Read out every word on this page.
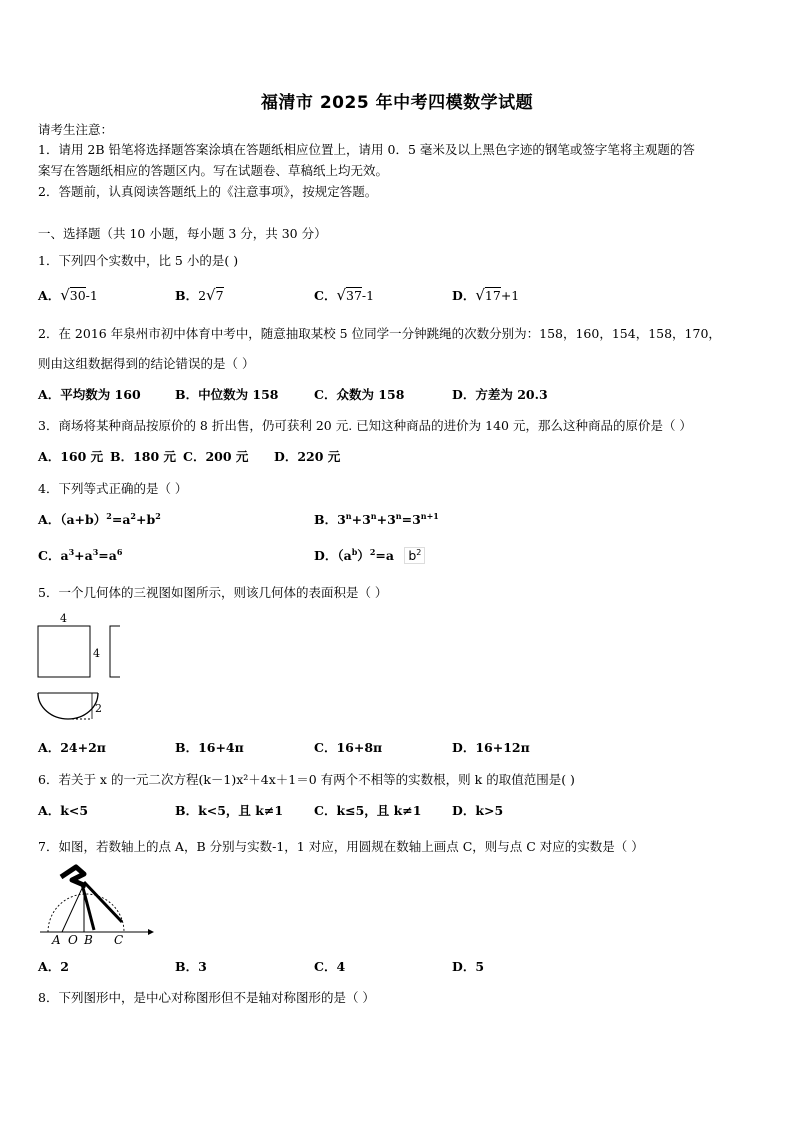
福清市 2025 年中考四模数学试题
请考生注意：
1．请用 2B 铅笔将选择题答案涂填在答题纸相应位置上，请用 0．5 毫米及以上黑色字迹的钢笔或签字笔将主观题的答
案写在答题纸相应的答题区内。写在试题卷、草稿纸上均无效。
2．答题前，认真阅读答题纸上的《注意事项》，按规定答题。
一、选择题（共 10 小题，每小题 3 分，共 30 分）
1．下列四个实数中，比 5 小的是( )
A．√30-1	B．2√7	C．√37-1	D．√17+1
2．在 2016 年泉州市初中体育中考中，随意抽取某校 5 位同学一分钟跳绳的次数分别为：158，160，154，158，170，
则由这组数据得到的结论错误的是（ ）
A．平均数为 160	B．中位数为 158	C．众数为 158	D．方差为 20.3
3．商场将某种商品按原价的 8 折出售，仍可获利 20 元. 已知这种商品的进价为 140 元，那么这种商品的原价是（ ）
A．160 元 B．180 元 C．200 元 D．220 元
4．下列等式正确的是（ ）
A．$(a+b)^2=a^2+b^2$	B．$3^n+3^n+3^n=3^{n+1}$
C．$a^3+a^3=a^6$	D．$(a^b)^2=a$ $b^2$
5．一个几何体的三视图如图所示，则该几何体的表面积是（ ）
4
4
2
A．24+2π	B．16+4π	C．16+8π	D．16+12π
6．若关于 x 的一元二次方程(k－1)x²＋4x＋1＝0 有两个不相等的实数根，则 k 的取值范围是( )
A．k<5	B．k<5，且 k≠1 C．k≤5，且 k≠1 D．k>5
7．如图，若数轴上的点 A，B 分别与实数-1，1 对应，用圆规在数轴上画点 C，则与点 C 对应的实数是（ ）
A O B C
A．2	B．3	C．4	D．5
8．下列图形中，是中心对称图形但不是轴对称图形的是（ ）
